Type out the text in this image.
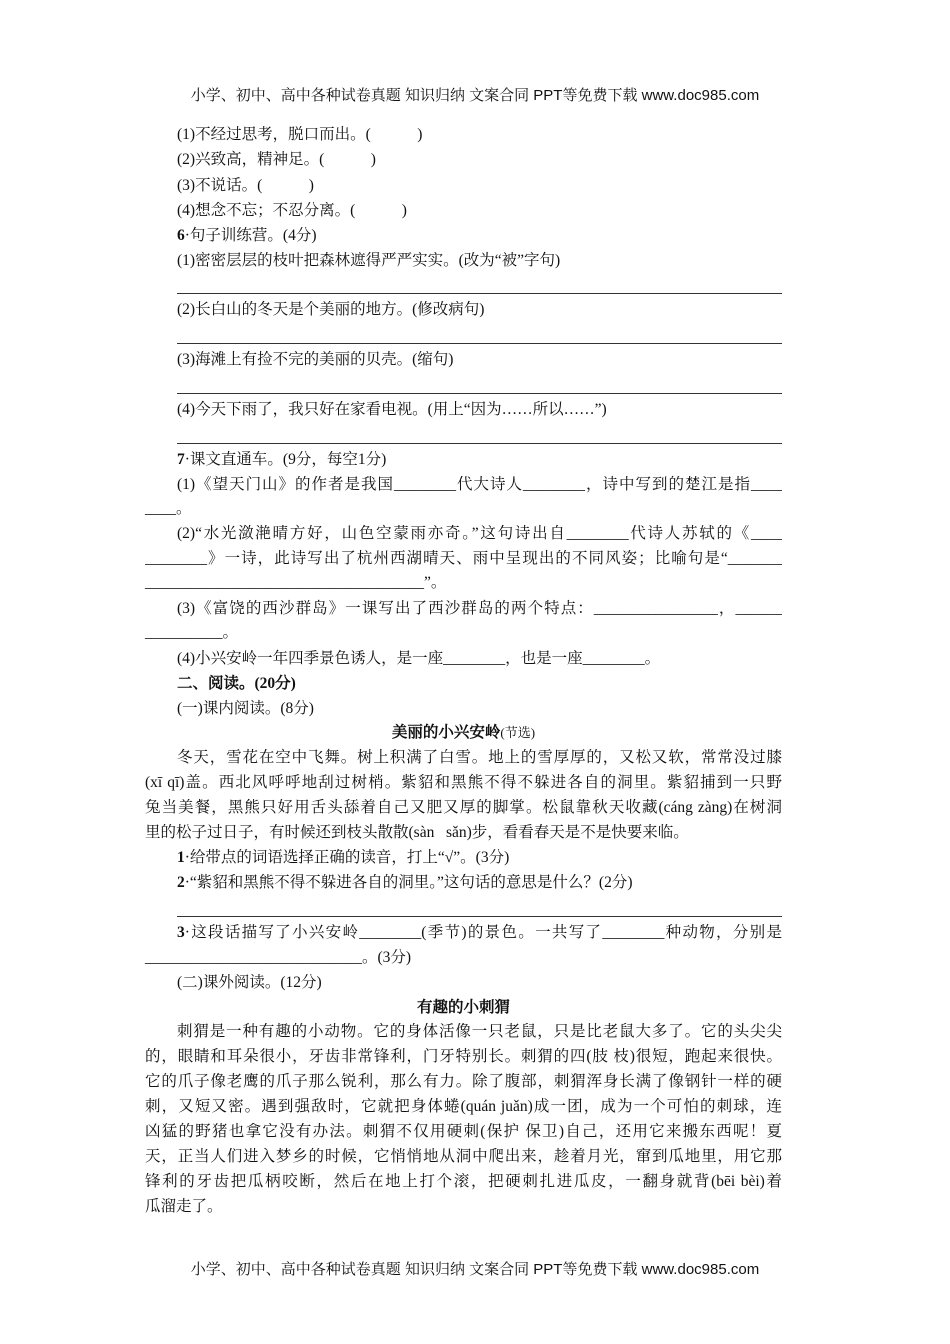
小学、初中、高中各种试卷真题 知识归纳 文案合同 PPT等免费下载 www.doc985.com
(1)不经过思考，脱口而出。(            )
(2)兴致高，精神足。(            )
(3)不说话。(            )
(4)想念不忘；不忍分离。(            )
6·句子训练营。(4分)
(1)密密层层的枝叶把森林遮得严严实实。(改为“被”字句)
(2)长白山的冬天是个美丽的地方。(修改病句)
(3)海滩上有捡不完的美丽的贝壳。(缩句)
(4)今天下雨了，我只好在家看电视。(用上“因为……所以……”)
7·课文直通车。(9分，每空1分)
(1)《望天门山》的作者是我国________代大诗人________，诗中写到的楚江是指____
____。
(2)“水光潋滟晴方好，山色空蒙雨亦奇。”这句诗出自________代诗人苏轼的《____
________》一诗，此诗写出了杭州西湖晴天、雨中呈现出的不同风姿；比喻句是“_______
____________________________________”。
(3)《富饶的西沙群岛》一课写出了西沙群岛的两个特点：________________，______
__________。
(4)小兴安岭一年四季景色诱人，是一座________，也是一座________。
二、阅读。(20分)
(一)课内阅读。(8分)
美丽的小兴安岭(节选)
冬天，雪花在空中飞舞。树上积满了白雪。地上的雪厚厚的，又松又软，常常没过膝
(xī qī)盖。西北风呼呼地刮过树梢。紫貂和黑熊不得不躲进各自的洞里。紫貂捕到一只野
兔当美餐，黑熊只好用舌头舔着自己又肥又厚的脚掌。松鼠靠秋天收藏(cáng zàng)在树洞
里的松子过日子，有时候还到枝头散散(sàn   sǎn)步，看看春天是不是快要来临。
1·给带点的词语选择正确的读音，打上“√”。(3分)
2·“紫貂和黑熊不得不躲进各自的洞里。”这句话的意思是什么？(2分)
3·这段话描写了小兴安岭________(季节)的景色。一共写了________种动物，分别是
____________________________。(3分)
(二)课外阅读。(12分)
有趣的小刺猬
刺猬是一种有趣的小动物。它的身体活像一只老鼠，只是比老鼠大多了。它的头尖尖
的，眼睛和耳朵很小，牙齿非常锋利，门牙特别长。刺猬的四(肢 枝)很短，跑起来很快。
它的爪子像老鹰的爪子那么锐利，那么有力。除了腹部，刺猬浑身长满了像钢针一样的硬
刺，又短又密。遇到强敌时，它就把身体蜷(quán juǎn)成一团，成为一个可怕的刺球，连
凶猛的野猪也拿它没有办法。刺猬不仅用硬刺(保护 保卫)自己，还用它来搬东西呢！夏
天，正当人们进入梦乡的时候，它悄悄地从洞中爬出来，趁着月光，窜到瓜地里，用它那
锋利的牙齿把瓜柄咬断，然后在地上打个滚，把硬刺扎进瓜皮，一翻身就背(bēi bèi)着
瓜溜走了。
小学、初中、高中各种试卷真题 知识归纳 文案合同 PPT等免费下载 www.doc985.com
